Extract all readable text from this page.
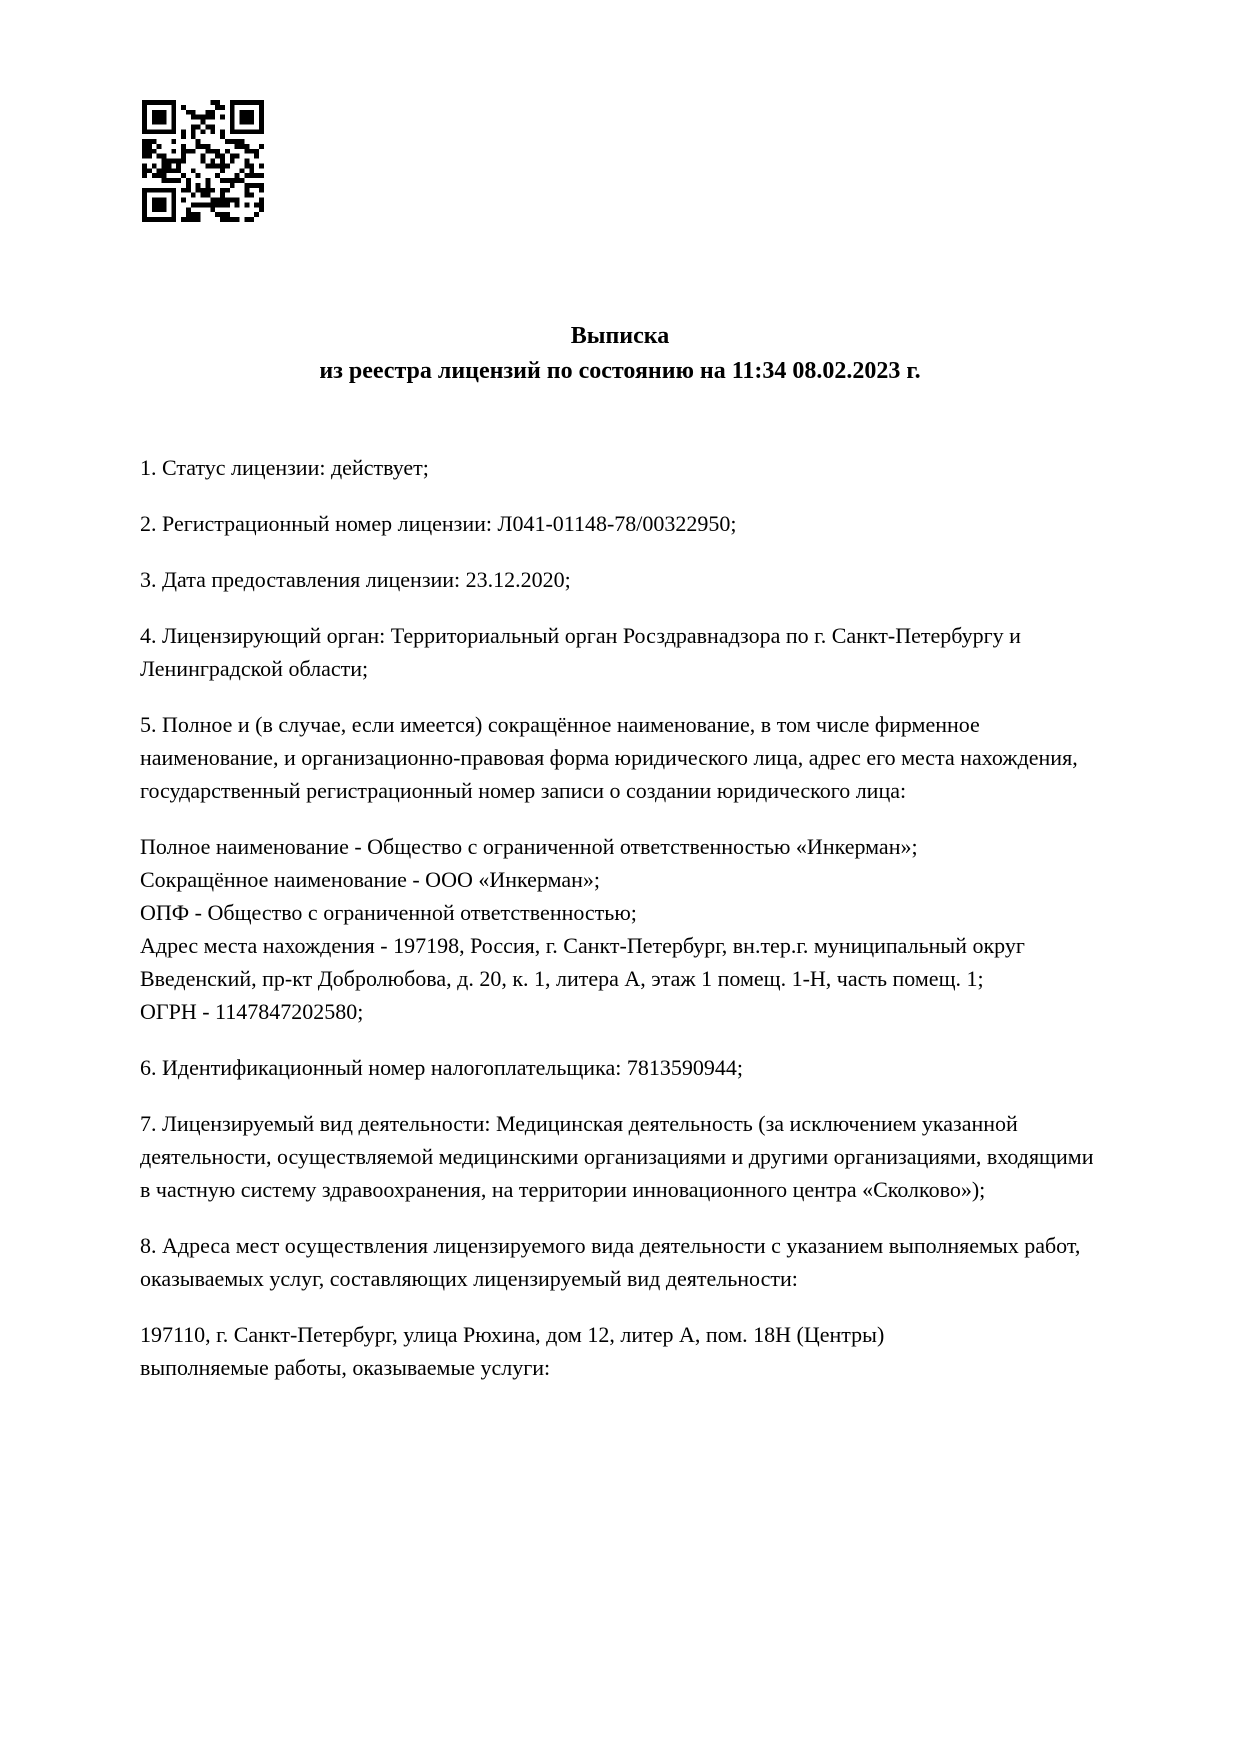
Выписка
из реестра лицензий по состоянию на 11:34 08.02.2023 г.

1. Статус лицензии: действует;

2. Регистрационный номер лицензии: Л041-01148-78/00322950;

3. Дата предоставления лицензии: 23.12.2020;

4. Лицензирующий орган: Территориальный орган Росздравнадзора по г. Санкт-Петербургу и Ленинградской области;

5. Полное и (в случае, если имеется) сокращённое наименование, в том числе фирменное наименование, и организационно-правовая форма юридического лица, адрес его места нахождения, государственный регистрационный номер записи о создании юридического лица:

Полное наименование - Общество с ограниченной ответственностью «Инкерман»;

Сокращённое наименование - ООО «Инкерман»;

ОПФ - Общество с ограниченной ответственностью;

Адрес места нахождения - 197198, Россия, г. Санкт-Петербург, вн.тер.г. муниципальный округ Введенский, пр-кт Добролюбова, д. 20, к. 1, литера А, этаж 1 помещ. 1-Н, часть помещ. 1;

ОГРН - 1147847202580;

6. Идентификационный номер налогоплательщика: 7813590944;

7. Лицензируемый вид деятельности: Медицинская деятельность (за исключением указанной деятельности, осуществляемой медицинскими организациями и другими организациями, входящими в частную систему здравоохранения, на территории инновационного центра «Сколково»);

8. Адреса мест осуществления лицензируемого вида деятельности с указанием выполняемых работ, оказываемых услуг, составляющих лицензируемый вид деятельности:

197110, г. Санкт-Петербург, улица Рюхина, дом 12, литер А, пом. 18Н (Центры)

выполняемые работы, оказываемые услуги:
